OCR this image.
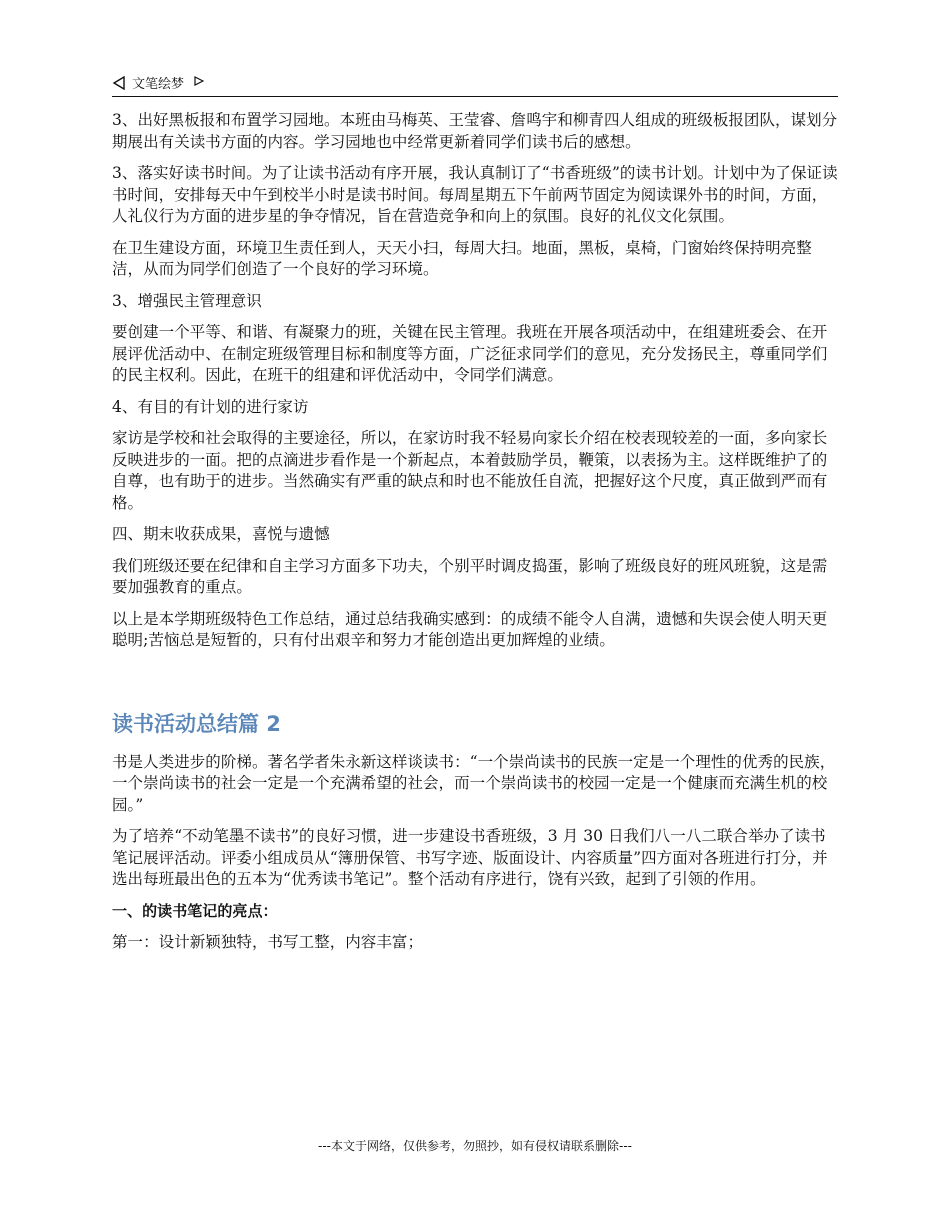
文笔绘梦

3、出好黑板报和布置学习园地。本班由马梅英、王莹睿、詹鸣宇和柳青四人组成的班级板报团队，谋划分期展出有关读书方面的内容。学习园地也中经常更新着同学们读书后的感想。

3、落实好读书时间。为了让读书活动有序开展，我认真制订了“书香班级”的读书计划。计划中为了保证读书时间，安排每天中午到校半小时是读书时间。每周星期五下午前两节固定为阅读课外书的时间，方面，人礼仪行为方面的进步星的争夺情况，旨在营造竞争和向上的氛围。良好的礼仪文化氛围。

在卫生建设方面，环境卫生责任到人，天天小扫，每周大扫。地面，黑板，桌椅，门窗始终保持明亮整洁，从而为同学们创造了一个良好的学习环境。

3、增强民主管理意识

要创建一个平等、和谐、有凝聚力的班，关键在民主管理。我班在开展各项活动中，在组建班委会、在开展评优活动中、在制定班级管理目标和制度等方面，广泛征求同学们的意见，充分发扬民主，尊重同学们的民主权利。因此，在班干的组建和评优活动中，令同学们满意。

4、有目的有计划的进行家访

家访是学校和社会取得的主要途径，所以，在家访时我不轻易向家长介绍在校表现较差的一面，多向家长反映进步的一面。把的点滴进步看作是一个新起点，本着鼓励学员，鞭策，以表扬为主。这样既维护了的自尊，也有助于的进步。当然确实有严重的缺点和时也不能放任自流，把握好这个尺度，真正做到严而有格。

四、期末收获成果，喜悦与遗憾

我们班级还要在纪律和自主学习方面多下功夫，个别平时调皮捣蛋，影响了班级良好的班风班貌，这是需要加强教育的重点。

以上是本学期班级特色工作总结，通过总结我确实感到：的成绩不能令人自满，遗憾和失误会使人明天更聪明;苦恼总是短暂的，只有付出艰辛和努力才能创造出更加辉煌的业绩。

读书活动总结篇 2

书是人类进步的阶梯。著名学者朱永新这样谈读书：“一个崇尚读书的民族一定是一个理性的优秀的民族，一个崇尚读书的社会一定是一个充满希望的社会，而一个崇尚读书的校园一定是一个健康而充满生机的校园。”

为了培养“不动笔墨不读书”的良好习惯，进一步建设书香班级，3 月 30 日我们八一八二联合举办了读书笔记展评活动。评委小组成员从“簿册保管、书写字迹、版面设计、内容质量”四方面对各班进行打分，并选出每班最出色的五本为“优秀读书笔记”。整个活动有序进行，饶有兴致，起到了引领的作用。

一、的读书笔记的亮点：

第一：设计新颖独特，书写工整，内容丰富；

---本文于网络，仅供参考，勿照抄，如有侵权请联系删除---
